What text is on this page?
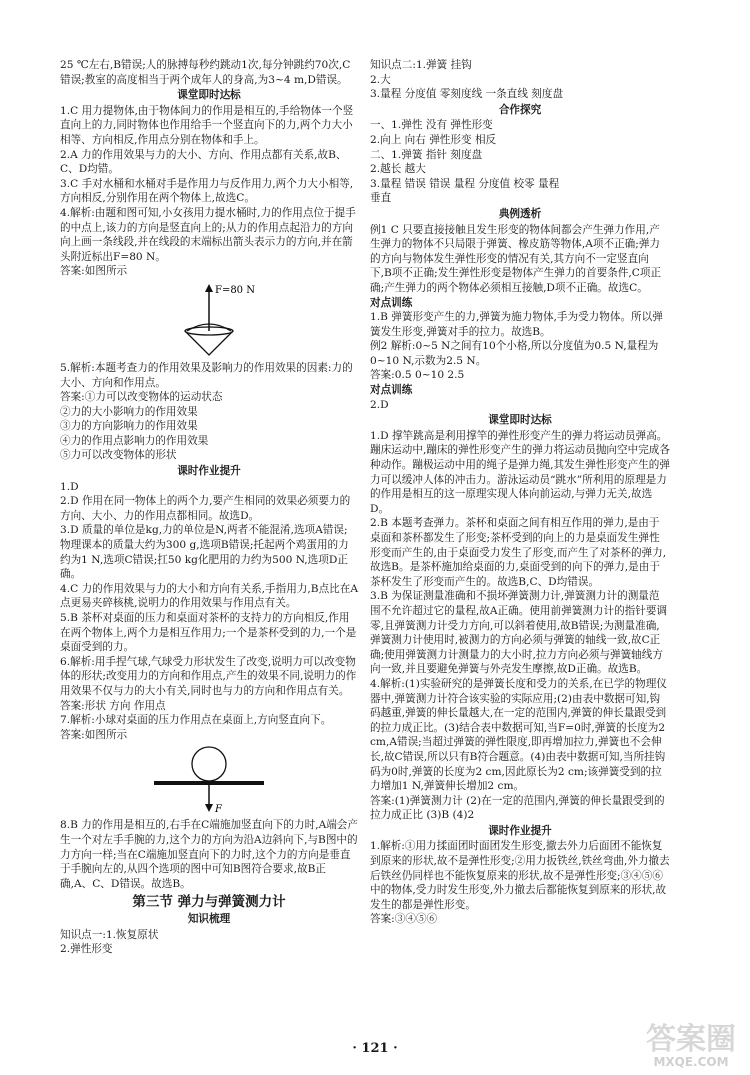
25 ℃左右,B错误;人的脉搏每秒约跳动1次,每分钟跳约70次,C错误;教室的高度相当于两个成年人的身高,为3~4 m,D错误。

课堂即时达标

1.C 用力提物体,由于物体间力的作用是相互的,手给物体一个竖直向上的力,同时物体也作用给手一个竖直向下的力,两个力大小相等、方向相反,作用点分别在物体和手上。

2.A 力的作用效果与力的大小、方向、作用点都有关系,故B、C、D均错。

3.C 手对水桶和水桶对手是作用力与反作用力,两个力大小相等,方向相反,分别作用在两个物体上,故选C。

4.解析:由题和图可知,小女孩用力提水桶时,力的作用点位于提手的中点上,该力的方向是竖直向上的;从力的作用点起沿力的方向向上画一条线段,并在线段的末端标出箭头表示力的方向,并在箭头附近标出F=80 N。

答案:如图所示

F=80 N

5.解析:本题考查力的作用效果及影响力的作用效果的因素:力的大小、方向和作用点。

答案:①力可以改变物体的运动状态

②力的大小影响力的作用效果

③力的方向影响力的作用效果

④力的作用点影响力的作用效果

⑤力可以改变物体的形状

课时作业提升

1.D

2.D 作用在同一物体上的两个力,要产生相同的效果必须要力的方向、大小、力的作用点都相同。故选D。

3.D 质量的单位是kg,力的单位是N,两者不能混淆,选项A错误;物理课本的质量大约为300 g,选项B错误;托起两个鸡蛋用的力约为1 N,选项C错误;扛50 kg化肥用的力约为500 N,选项D正确。

4.C 力的作用效果与力的大小和方向有关系,手指用力,B点比在A点更易夹碎核桃,说明力的作用效果与作用点有关。

5.B 茶杯对桌面的压力和桌面对茶杯的支持力的方向相反,作用在两个物体上,两个力是相互作用力;一个是茶杯受到的力,一个是桌面受到的力。

6.解析:用手捏气球,气球受力形状发生了改变,说明力可以改变物体的形状;改变用力的方向和作用点,产生的效果不同,说明力的作用效果不仅与力的大小有关,同时也与力的方向和作用点有关。

答案:形状 方向 作用点

7.解析:小球对桌面的压力作用点在桌面上,方向竖直向下。

答案:如图所示

F

8.B 力的作用是相互的,右手在C端施加竖直向下的力时,A端会产生一个对左手手腕的力,这个力的方向为沿A边斜向下,与B图中的力方向一样;当在C端施加竖直向下的力时,这个力的方向是垂直于手腕向左的,从四个选项的图中可知B图符合要求,故B正确,A、C、D错误。故选B。

第三节 弹力与弹簧测力计
知识梳理

知识点一:1.恢复原状

2.弹性形变

知识点二:1.弹簧 挂钩

2.大

3.量程 分度值 零刻度线 一条直线 刻度盘

合作探究

一、1.弹性 没有 弹性形变

2.向上 向右 弹性形变 相反

二、1.弹簧 指针 刻度盘

2.越长 越大

3.量程 错误 错误 量程 分度值 校零 量程

垂直

典例透析

例1 C 只要直接接触且发生形变的物体间都会产生弹力作用,产生弹力的物体不只局限于弹簧、橡皮筋等物体,A项不正确;弹力的方向与物体发生弹性形变的情况有关,其方向不一定竖直向下,B项不正确;发生弹性形变是物体产生弹力的首要条件,C项正确;产生弹力的两个物体必须相互接触,D项不正确。故选C。

对点训练

1.B 弹簧形变产生的力,弹簧为施力物体,手为受力物体。所以弹簧发生形变,弹簧对手的拉力。故选B。

例2 解析:0~5 N之间有10个小格,所以分度值为0.5 N,量程为0~10 N,示数为2.5 N。

答案:0.5 0~10 2.5

对点训练

2.D

课堂即时达标

1.D 撑竿跳高是利用撑竿的弹性形变产生的弹力将运动员弹高。蹦床运动中,蹦床的弹性形变产生的弹力将运动员抛向空中完成各种动作。蹦极运动中用的绳子是弹力绳,其发生弹性形变产生的弹力可以缓冲人体的冲击力。游泳运动员“跳水”所利用的原理是力的作用是相互的这一原理实现人体向前运动,与弹力无关,故选D。

2.B 本题考查弹力。茶杯和桌面之间有相互作用的弹力,是由于桌面和茶杯都发生了形变;茶杯受到的向上的力是桌面发生弹性形变而产生的,由于桌面受力发生了形变,而产生了对茶杯的弹力,故选B。是茶杯施加给桌面的力,桌面受到的向下的弹力,是由于茶杯发生了形变而产生的。故选B,C、D均错误。

3.B 为保证测量准确和不损坏弹簧测力计,弹簧测力计的测量范围不允许超过它的量程,故A正确。使用前弹簧测力计的指针要调零,且弹簧测力计受力方向,可以斜着使用,故B错误;为测量准确,弹簧测力计使用时,被测力的方向必须与弹簧的轴线一致,故C正确;使用弹簧测力计测量力的大小时,拉力方向必须与弹簧轴线方向一致,并且要避免弹簧与外壳发生摩擦,故D正确。故选B。

4.解析:(1)实验研究的是弹簧长度和受力的关系,在已学的物理仪器中,弹簧测力计符合该实验的实际应用;(2)由表中数据可知,钩码越重,弹簧的伸长量越大,在一定的范围内,弹簧的伸长量跟受到的拉力成正比。(3)结合表中数据可知,当F=0时,弹簧的长度为2 cm,A错误;当超过弹簧的弹性限度,即再增加拉力,弹簧也不会伸长,故C错误,所以只有B符合题意。(4)由表中数据可知,当所挂钩码为0时,弹簧的长度为2 cm,因此原长为2 cm;该弹簧受到的拉力增加1 N,弹簧伸长增加2 cm。

答案:(1)弹簧测力计 (2)在一定的范围内,弹簧的伸长量跟受到的拉力成正比 (3)B (4)2

课时作业提升

1.解析:①用力揉面团时面团发生形变,撤去外力后面团不能恢复到原来的形状,故不是弹性形变;②用力扳铁丝,铁丝弯曲,外力撤去后铁丝仍同样也不能恢复原来的形状,故不是弹性形变;③④⑤⑥中的物体,受力时发生形变,外力撤去后都能恢复到原来的形状,故发生的都是弹性形变。

答案:③④⑤⑥

· 121 ·	答案圈
MXQE.COM
